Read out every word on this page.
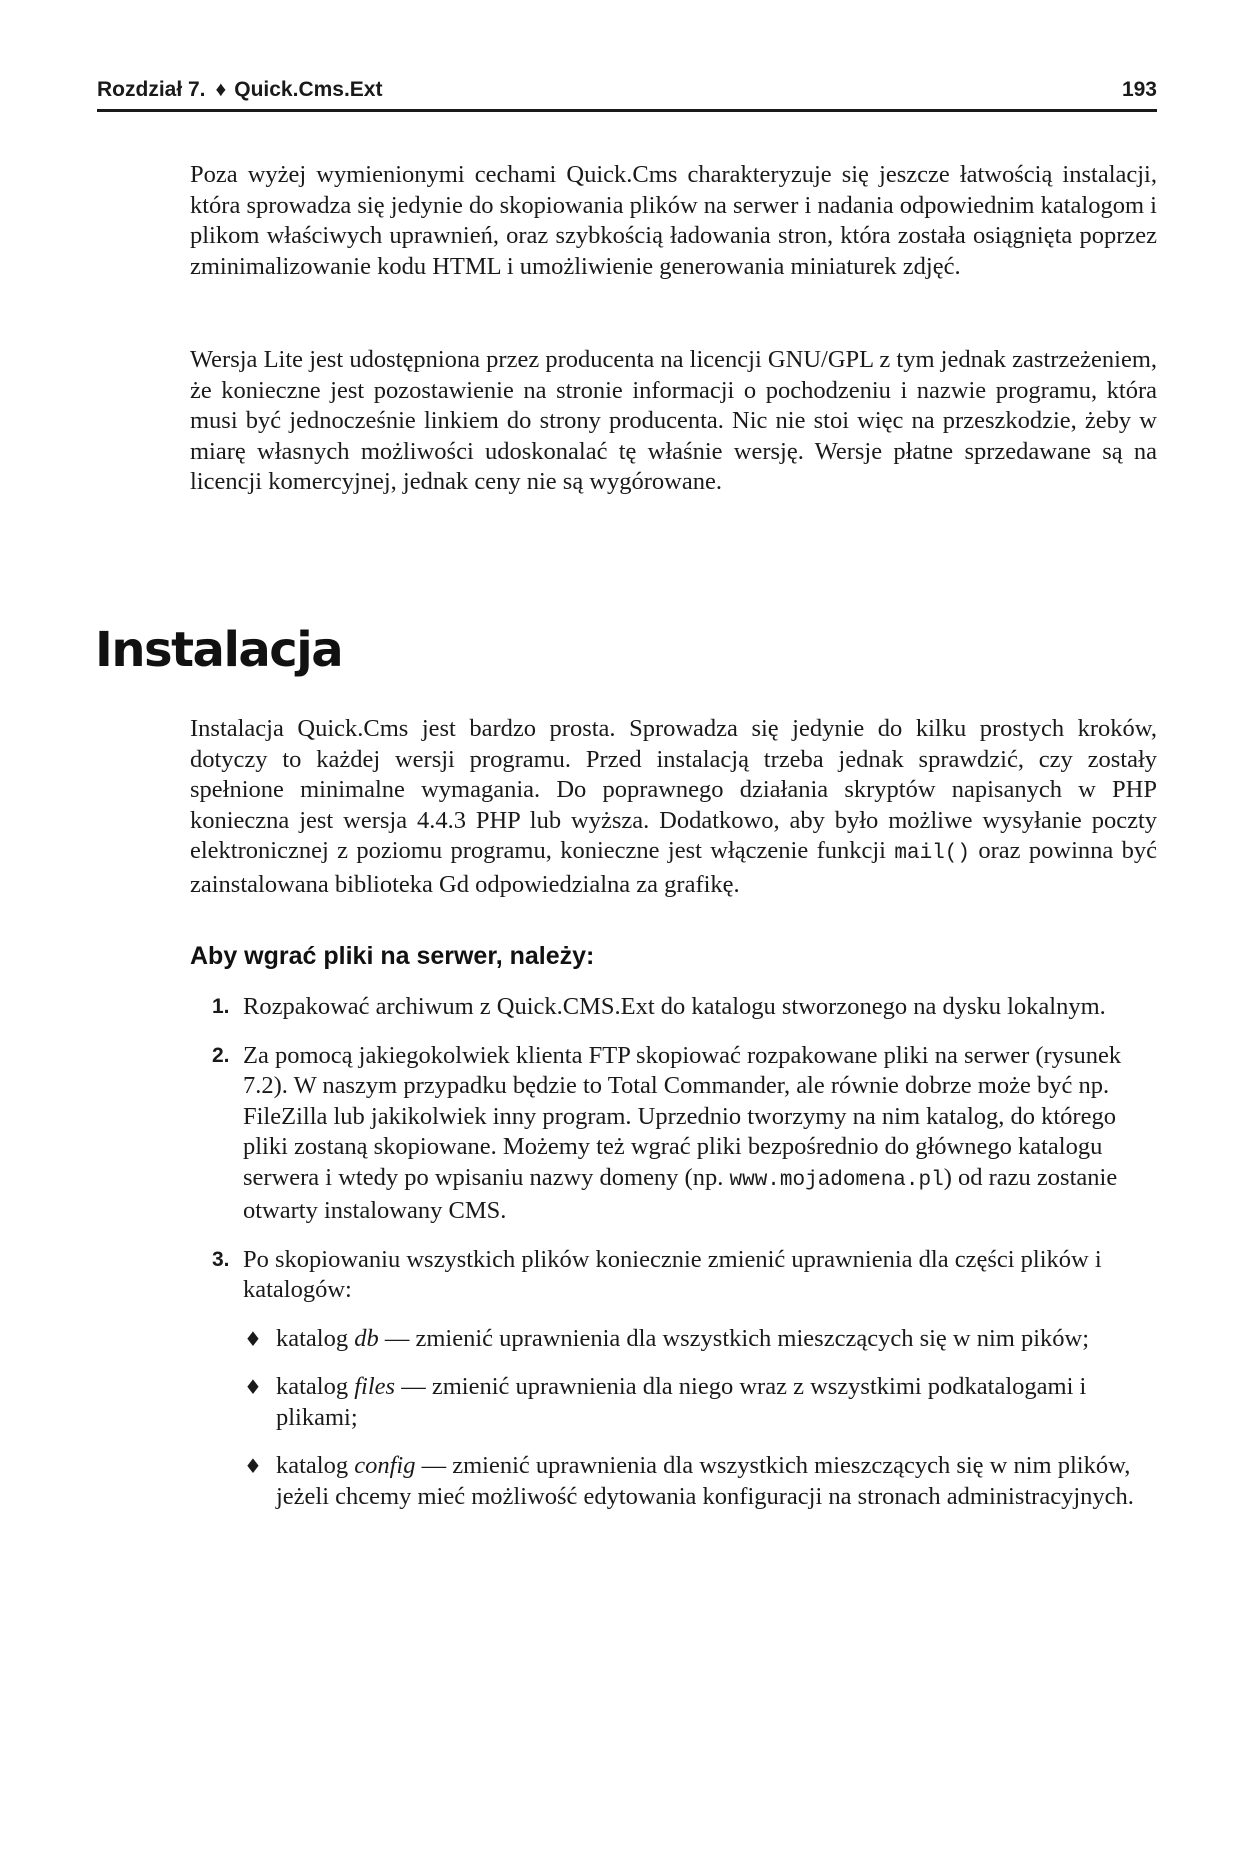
Rozdział 7. ♦ Quick.Cms.Ext	193

Poza wyżej wymienionymi cechami Quick.Cms charakteryzuje się jeszcze łatwością instalacji, która sprowadza się jedynie do skopiowania plików na serwer i nadania odpowiednim katalogom i plikom właściwych uprawnień, oraz szybkością ładowania stron, która została osiągnięta poprzez zminimalizowanie kodu HTML i umożliwienie generowania miniaturek zdjęć.

Wersja Lite jest udostępniona przez producenta na licencji GNU/GPL z tym jednak zastrzeżeniem, że konieczne jest pozostawienie na stronie informacji o pochodzeniu i nazwie programu, która musi być jednocześnie linkiem do strony producenta. Nic nie stoi więc na przeszkodzie, żeby w miarę własnych możliwości udoskonalać tę właśnie wersję. Wersje płatne sprzedawane są na licencji komercyjnej, jednak ceny nie są wygórowane.

Instalacja

Instalacja Quick.Cms jest bardzo prosta. Sprowadza się jedynie do kilku prostych kroków, dotyczy to każdej wersji programu. Przed instalacją trzeba jednak sprawdzić, czy zostały spełnione minimalne wymagania. Do poprawnego działania skryptów napisanych w PHP konieczna jest wersja 4.4.3 PHP lub wyższa. Dodatkowo, aby było możliwe wysyłanie poczty elektronicznej z poziomu programu, konieczne jest włączenie funkcji mail() oraz powinna być zainstalowana biblioteka Gd odpowiedzialna za grafikę.

Aby wgrać pliki na serwer, należy:
1. Rozpakować archiwum z Quick.CMS.Ext do katalogu stworzonego na dysku lokalnym.
2. Za pomocą jakiegokolwiek klienta FTP skopiować rozpakowane pliki na serwer (rysunek 7.2). W naszym przypadku będzie to Total Commander, ale równie dobrze może być np. FileZilla lub jakikolwiek inny program. Uprzednio tworzymy na nim katalog, do którego pliki zostaną skopiowane. Możemy też wgrać pliki bezpośrednio do głównego katalogu serwera i wtedy po wpisaniu nazwy domeny (np. www.mojadomena.pl) od razu zostanie otwarty instalowany CMS.
3. Po skopiowaniu wszystkich plików koniecznie zmienić uprawnienia dla części plików i katalogów:
♦ katalog db — zmienić uprawnienia dla wszystkich mieszczących się w nim pików;
♦ katalog files — zmienić uprawnienia dla niego wraz z wszystkimi podkatalogami i plikami;
♦ katalog config — zmienić uprawnienia dla wszystkich mieszczących się w nim plików, jeżeli chcemy mieć możliwość edytowania konfiguracji na stronach administracyjnych.
